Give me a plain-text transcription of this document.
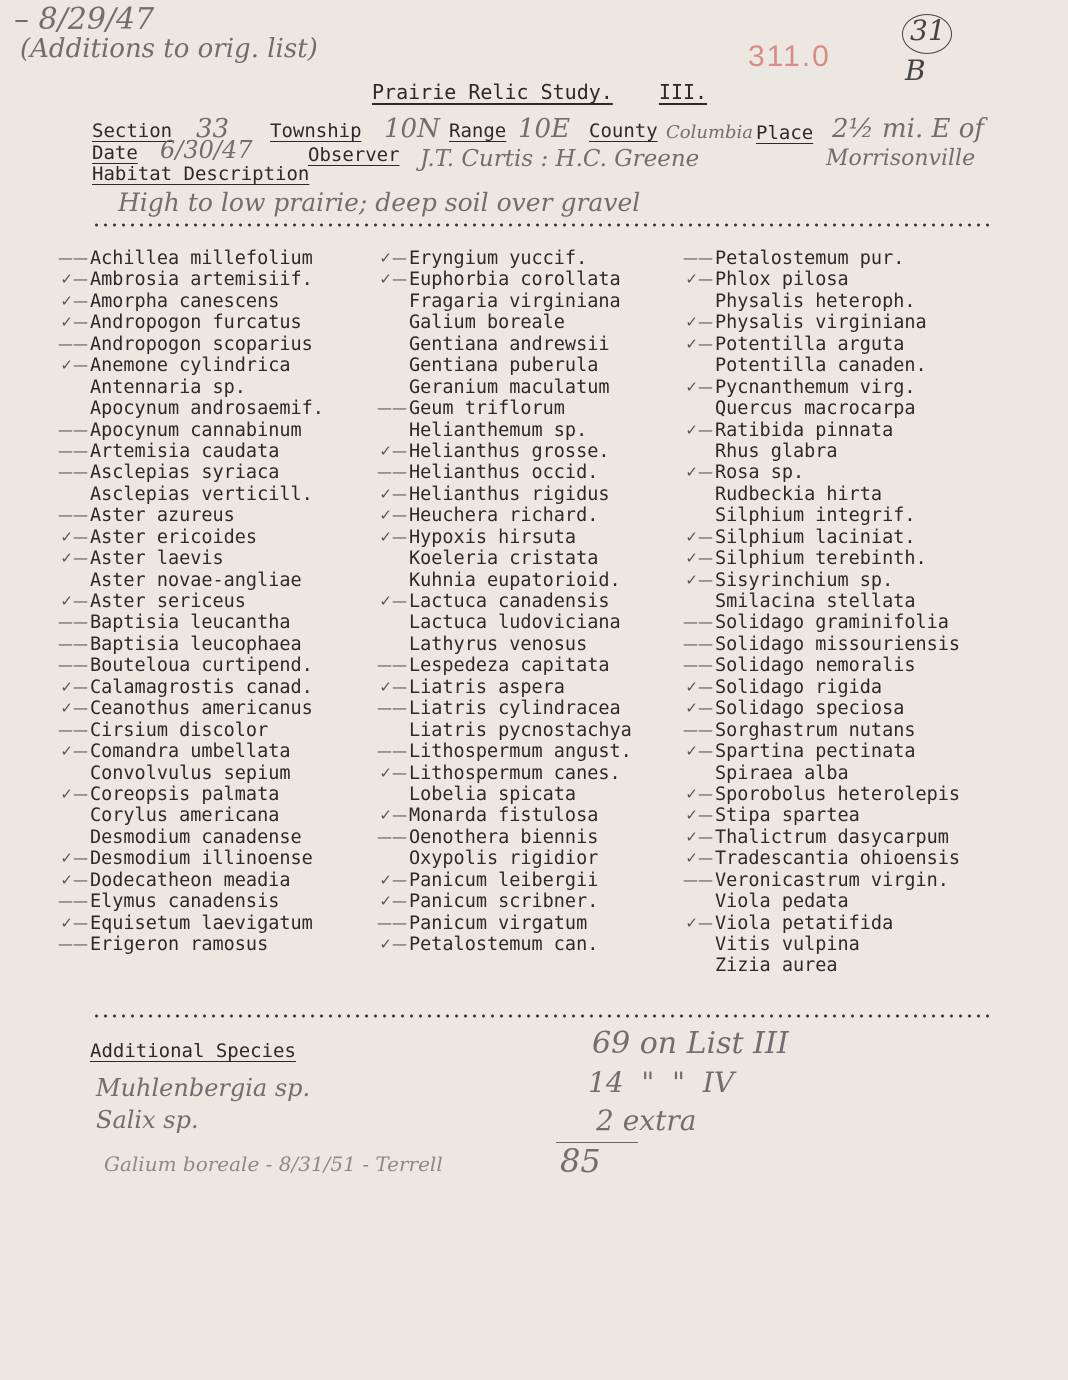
– 8/29/47
(Additions to orig. list)	311.0
31
B
Prairie Relic Study. III.
Section 33 Township 10N Range 10E County Columbia Place 2½ mi. E of
Morrisonville
Date 6/30/47	Observer J.T. Curtis : H.C. Greene
Habitat Description
High to low prairie; deep soil over gravel
—— Achillea millefolium
✓— Ambrosia artemisiif.
✓— Amorpha canescens
✓— Andropogon furcatus
—— Andropogon scoparius
✓— Anemone cylindrica
Antennaria sp.
Apocynum androsaemif.
—— Apocynum cannabinum
—— Artemisia caudata
—— Asclepias syriaca
Asclepias verticill.
—— Aster azureus
✓— Aster ericoides
✓— Aster laevis
Aster novae-angliae
✓— Aster sericeus
—— Baptisia leucantha
—— Baptisia leucophaea
—— Bouteloua curtipend.
✓— Calamagrostis canad.
✓— Ceanothus americanus
—— Cirsium discolor
✓— Comandra umbellata
Convolvulus sepium
✓— Coreopsis palmata
Corylus americana
Desmodium canadense
✓— Desmodium illinoense
✓— Dodecatheon meadia
—— Elymus canadensis
✓— Equisetum laevigatum
—— Erigeron ramosus
✓— Eryngium yuccif.
✓— Euphorbia corollata
Fragaria virginiana
Galium boreale
Gentiana andrewsii
Gentiana puberula
Geranium maculatum
—— Geum triflorum
Helianthemum sp.
✓— Helianthus grosse.
—— Helianthus occid.
✓— Helianthus rigidus
✓— Heuchera richard.
✓— Hypoxis hirsuta
Koeleria cristata
Kuhnia eupatorioid.
✓— Lactuca canadensis
Lactuca ludoviciana
Lathyrus venosus
—— Lespedeza capitata
✓— Liatris aspera
—— Liatris cylindracea
Liatris pycnostachya
—— Lithospermum angust.
✓— Lithospermum canes.
Lobelia spicata
✓— Monarda fistulosa
—— Oenothera biennis
Oxypolis rigidior
✓— Panicum leibergii
✓— Panicum scribner.
—— Panicum virgatum
✓— Petalostemum can.
—— Petalostemum pur.
✓— Phlox pilosa
Physalis heteroph.
✓— Physalis virginiana
✓— Potentilla arguta
Potentilla canaden.
✓— Pycnanthemum virg.
Quercus macrocarpa
✓— Ratibida pinnata
Rhus glabra
✓— Rosa sp.
Rudbeckia hirta
Silphium integrif.
✓— Silphium laciniat.
✓— Silphium terebinth.
✓— Sisyrinchium sp.
Smilacina stellata
—— Solidago graminifolia
—— Solidago missouriensis
—— Solidago nemoralis
✓— Solidago rigida
✓— Solidago speciosa
—— Sorghastrum nutans
✓— Spartina pectinata
Spiraea alba
✓— Sporobolus heterolepis
✓— Stipa spartea
✓— Thalictrum dasycarpum
✓— Tradescantia ohioensis
—— Veronicastrum virgin.
Viola pedata
✓— Viola petatifida
Vitis vulpina
Zizia aurea
Additional Species
Muhlenbergia sp.
Salix sp.
Galium boreale - 8/31/51 - Terrell
69 on List III
14  "  "  IV
2 extra
85
